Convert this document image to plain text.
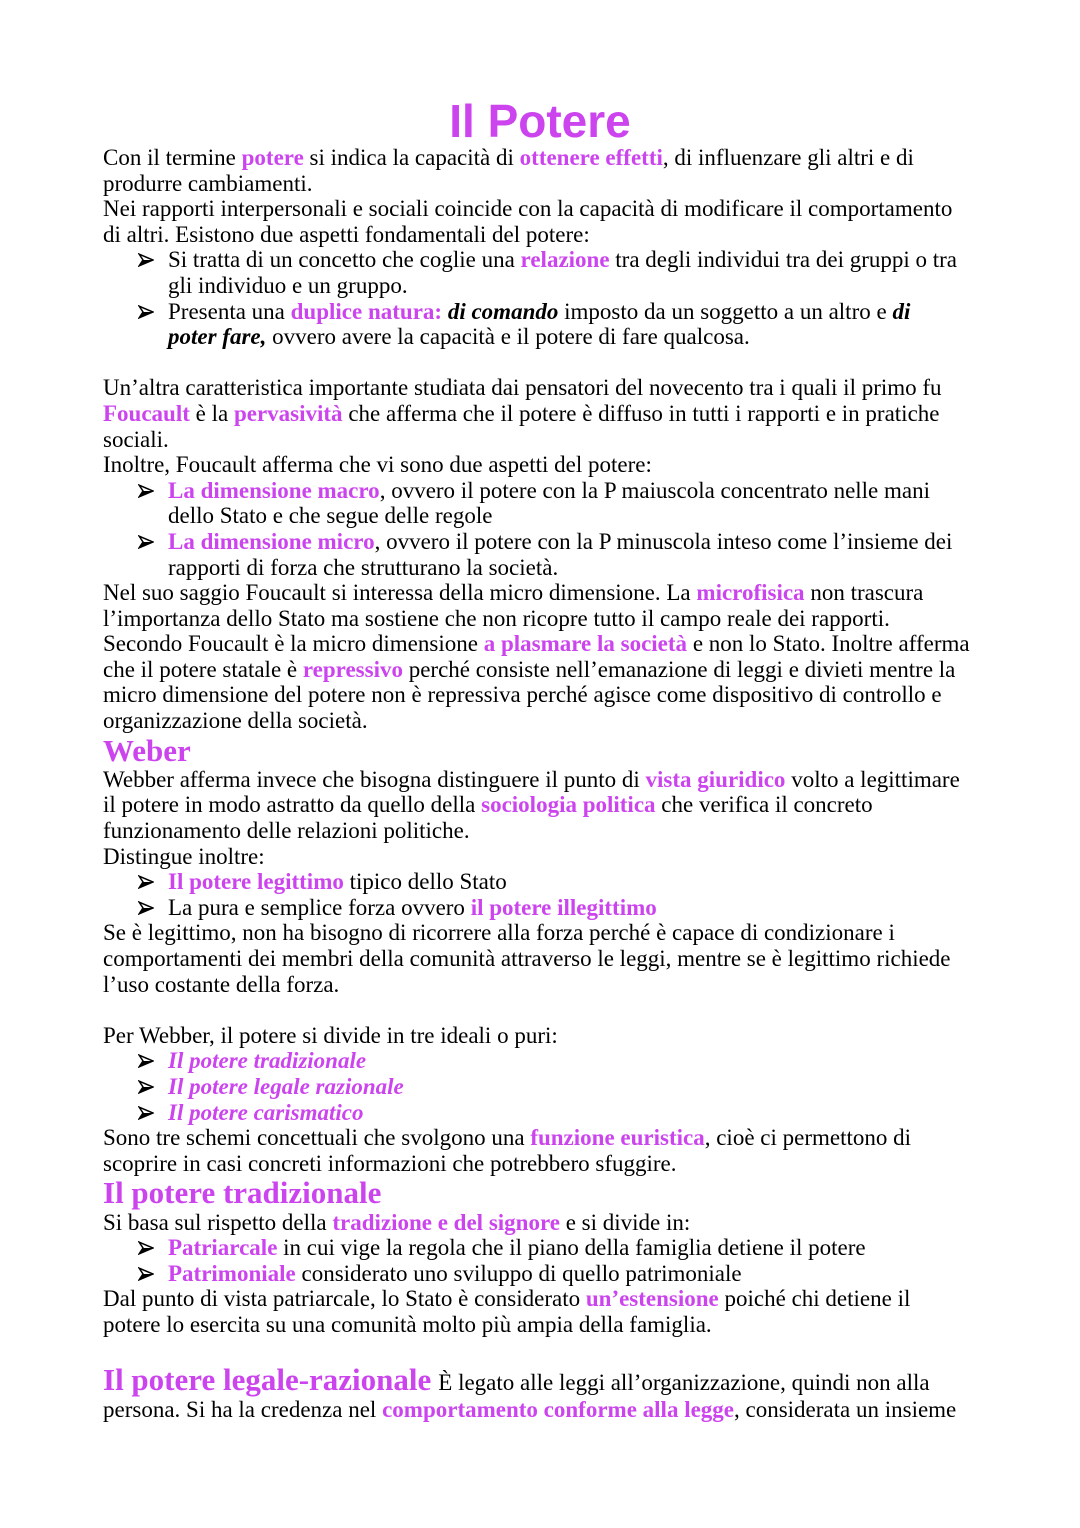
Il Potere
Con il termine potere si indica la capacità di ottenere effetti, di influenzare gli altri e di
produrre cambiamenti.
Nei rapporti interpersonali e sociali coincide con la capacità di modificare il comportamento
di altri. Esistono due aspetti fondamentali del potere:
Si tratta di un concetto che coglie una relazione tra degli individui tra dei gruppi o tra
gli individuo e un gruppo.
Presenta una duplice natura: di comando imposto da un soggetto a un altro e di
poter fare, ovvero avere la capacità e il potere di fare qualcosa.
Un’altra caratteristica importante studiata dai pensatori del novecento tra i quali il primo fu
Foucault è la pervasività che afferma che il potere è diffuso in tutti i rapporti e in pratiche
sociali.
Inoltre, Foucault afferma che vi sono due aspetti del potere:
La dimensione macro, ovvero il potere con la P maiuscola concentrato nelle mani
dello Stato e che segue delle regole
La dimensione micro, ovvero il potere con la P minuscola inteso come l’insieme dei
rapporti di forza che strutturano la società.
Nel suo saggio Foucault si interessa della micro dimensione. La microfisica non trascura
l’importanza dello Stato ma sostiene che non ricopre tutto il campo reale dei rapporti.
Secondo Foucault è la micro dimensione a plasmare la società e non lo Stato. Inoltre afferma
che il potere statale è repressivo perché consiste nell’emanazione di leggi e divieti mentre la
micro dimensione del potere non è repressiva perché agisce come dispositivo di controllo e
organizzazione della società.
Weber
Webber afferma invece che bisogna distinguere il punto di vista giuridico volto a legittimare
il potere in modo astratto da quello della sociologia politica che verifica il concreto
funzionamento delle relazioni politiche.
Distingue inoltre:
Il potere legittimo tipico dello Stato
La pura e semplice forza ovvero il potere illegittimo
Se è legittimo, non ha bisogno di ricorrere alla forza perché è capace di condizionare i
comportamenti dei membri della comunità attraverso le leggi, mentre se è legittimo richiede
l’uso costante della forza.
Per Webber, il potere si divide in tre ideali o puri:
Il potere tradizionale
Il potere legale razionale
Il potere carismatico
Sono tre schemi concettuali che svolgono una funzione euristica, cioè ci permettono di
scoprire in casi concreti informazioni che potrebbero sfuggire.
Il potere tradizionale
Si basa sul rispetto della tradizione e del signore e si divide in:
Patriarcale in cui vige la regola che il piano della famiglia detiene il potere
Patrimoniale considerato uno sviluppo di quello patrimoniale
Dal punto di vista patriarcale, lo Stato è considerato un’estensione poiché chi detiene il
potere lo esercita su una comunità molto più ampia della famiglia.
Il potere legale-razionale È legato alle leggi all’organizzazione, quindi non alla
persona. Si ha la credenza nel comportamento conforme alla legge, considerata un insieme
